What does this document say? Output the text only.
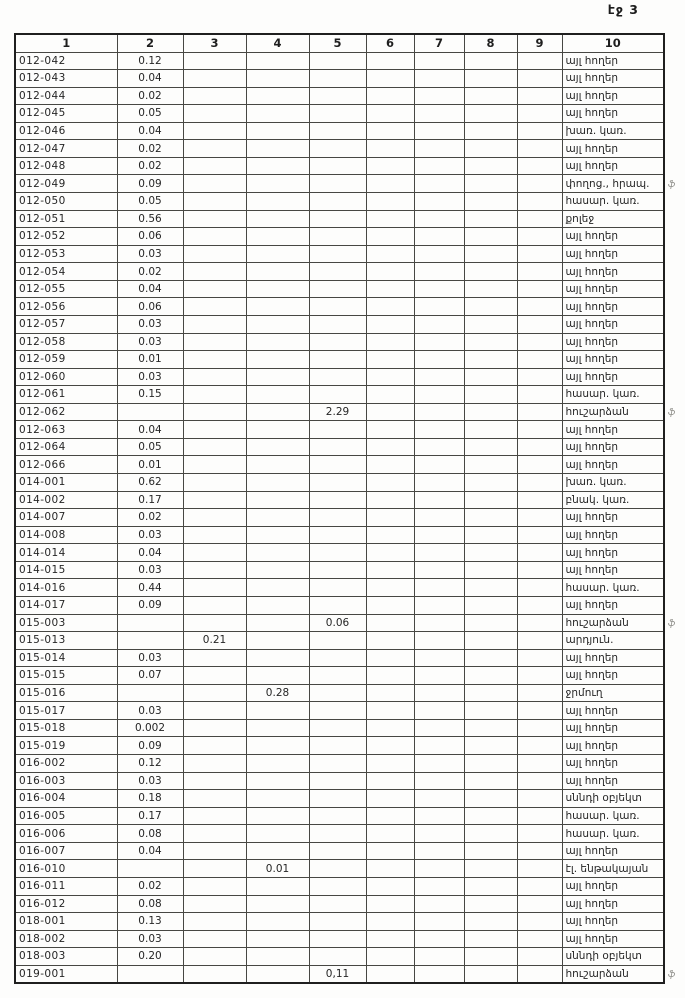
էջ 3
1	2	3	4	5	6	7	8	9	10
012-042	0.12								այլ հողեր
012-043	0.04								այլ հողեր
012-044	0.02								այլ հողեր
012-045	0.05								այլ հողեր
012-046	0.04								խառ. կառ.
012-047	0.02								այլ հողեր
012-048	0.02								այլ հողեր
012-049	0.09								փողոց., հրապ.
012-050	0.05								հասար. կառ.
012-051	0.56								քոլեջ
012-052	0.06								այլ հողեր
012-053	0.03								այլ հողեր
012-054	0.02								այլ հողեր
012-055	0.04								այլ հողեր
012-056	0.06								այլ հողեր
012-057	0.03								այլ հողեր
012-058	0.03								այլ հողեր
012-059	0.01								այլ հողեր
012-060	0.03								այլ հողեր
012-061	0.15								հասար. կառ.
012-062				2.29					հուշարձան
012-063	0.04								այլ հողեր
012-064	0.05								այլ հողեր
012-066	0.01								այլ հողեր
014-001	0.62								խառ. կառ.
014-002	0.17								բնակ. կառ.
014-007	0.02								այլ հողեր
014-008	0.03								այլ հողեր
014-014	0.04								այլ հողեր
014-015	0.03								այլ հողեր
014-016	0.44								հասար. կառ.
014-017	0.09								այլ հողեր
015-003				0.06					հուշարձան
015-013		0.21							արդյուն.
015-014	0.03								այլ հողեր
015-015	0.07								այլ հողեր
015-016			0.28						ջրմուղ
015-017	0.03								այլ հողեր
015-018	0.002								այլ հողեր
015-019	0.09								այլ հողեր
016-002	0.12								այլ հողեր
016-003	0.03								այլ հողեր
016-004	0.18								սննդի օբյեկտ
016-005	0.17								հասար. կառ.
016-006	0.08								հասար. կառ.
016-007	0.04								այլ հողեր
016-010			0.01						էլ. ենթակայան
016-011	0.02								այլ հողեր
016-012	0.08								այլ հողեր
018-001	0.13								այլ հողեր
018-002	0.03								այլ հողեր
018-003	0.20								սննդի օբյեկտ
019-001				0,11					հուշարձան
ֆ
ֆ
ֆ
ֆ
